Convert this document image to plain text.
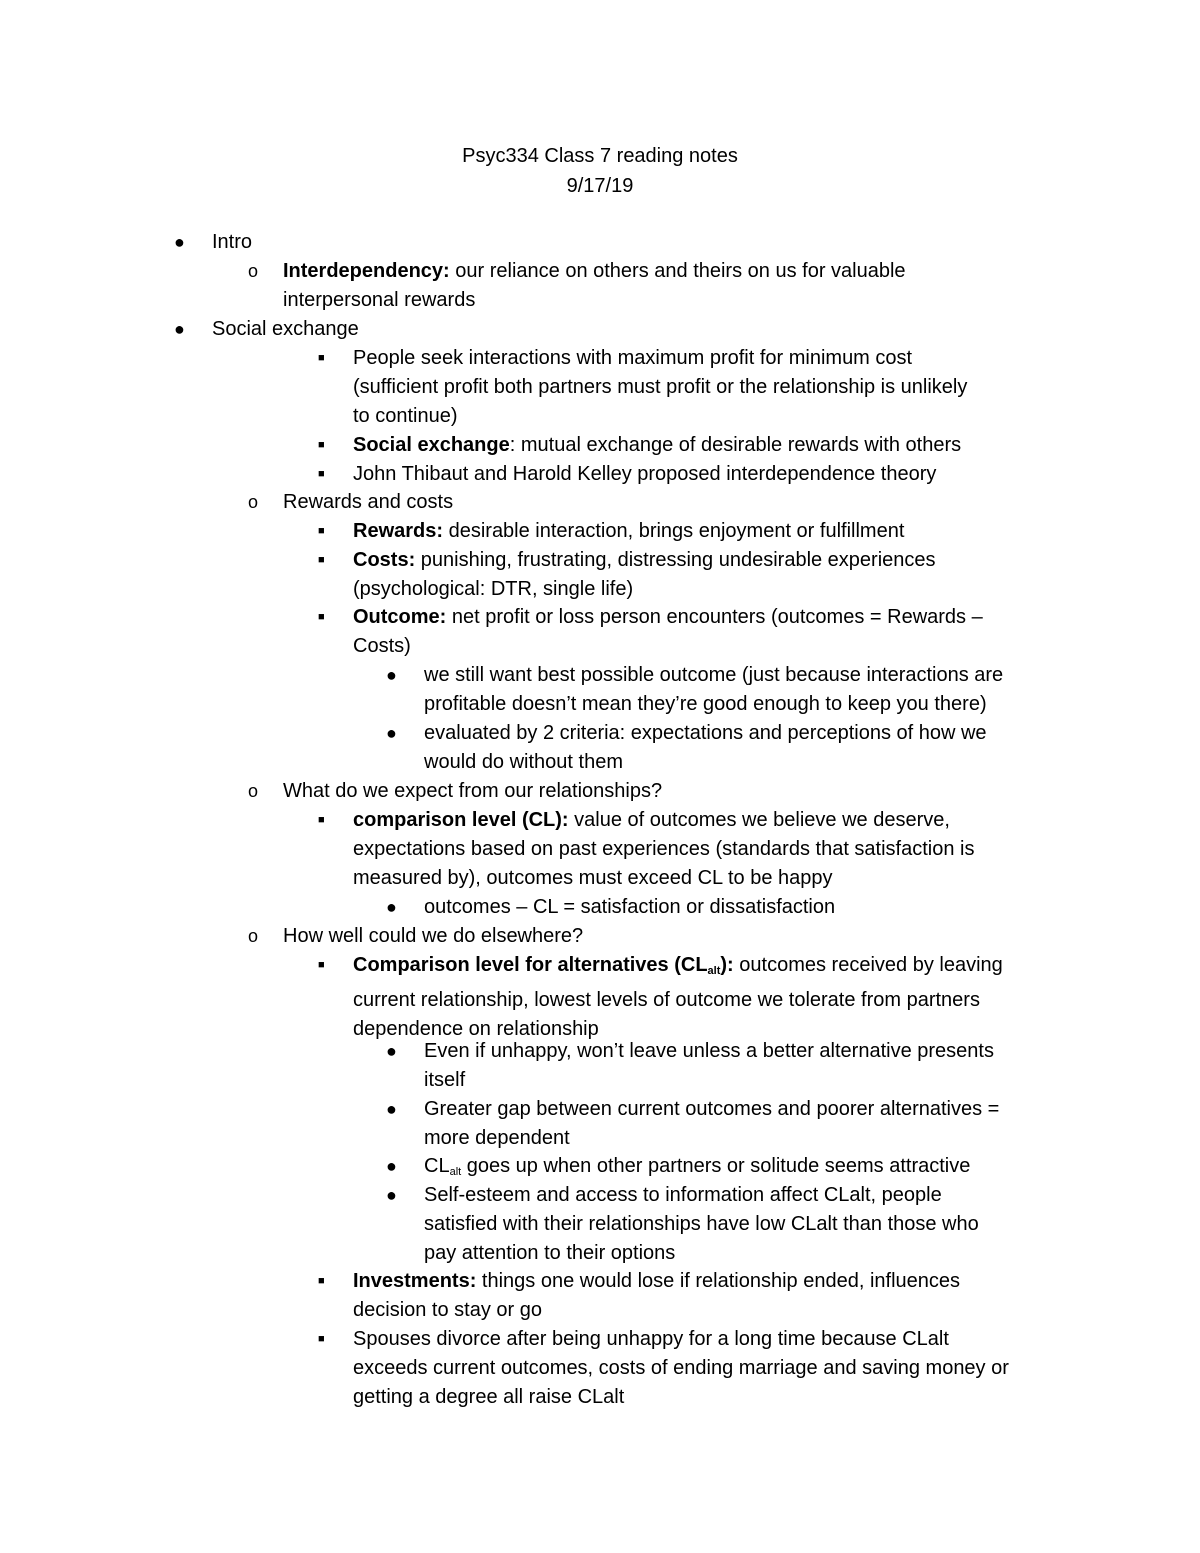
Psyc334 Class 7 reading notes
9/17/19
● Intro
o Interdependency: our reliance on others and theirs on us for valuable
interpersonal rewards
● Social exchange
■ People seek interactions with maximum profit for minimum cost
(sufficient profit both partners must profit or the relationship is unlikely
to continue)
■ Social exchange: mutual exchange of desirable rewards with others
■ John Thibaut and Harold Kelley proposed interdependence theory
o Rewards and costs
■ Rewards: desirable interaction, brings enjoyment or fulfillment
■ Costs: punishing, frustrating, distressing undesirable experiences
(psychological: DTR, single life)
■ Outcome: net profit or loss person encounters (outcomes = Rewards –
Costs)
● we still want best possible outcome (just because interactions are
profitable doesn’t mean they’re good enough to keep you there)
● evaluated by 2 criteria: expectations and perceptions of how we
would do without them
o What do we expect from our relationships?
■ comparison level (CL): value of outcomes we believe we deserve,
expectations based on past experiences (standards that satisfaction is
measured by), outcomes must exceed CL to be happy
● outcomes – CL = satisfaction or dissatisfaction
o How well could we do elsewhere?
■ Comparison level for alternatives $(CL_{alt})$: outcomes received by leaving
current relationship, lowest levels of outcome we tolerate from partners
dependence on relationship
● Even if unhappy, won’t leave unless a better alternative presents
itself
● Greater gap between current outcomes and poorer alternatives =
more dependent
● $CL_{alt}$ goes up when other partners or solitude seems attractive
● Self-esteem and access to information affect CLalt, people
satisfied with their relationships have low CLalt than those who
pay attention to their options
■ Investments: things one would lose if relationship ended, influences
decision to stay or go
■ Spouses divorce after being unhappy for a long time because CLalt
exceeds current outcomes, costs of ending marriage and saving money or
getting a degree all raise CLalt
